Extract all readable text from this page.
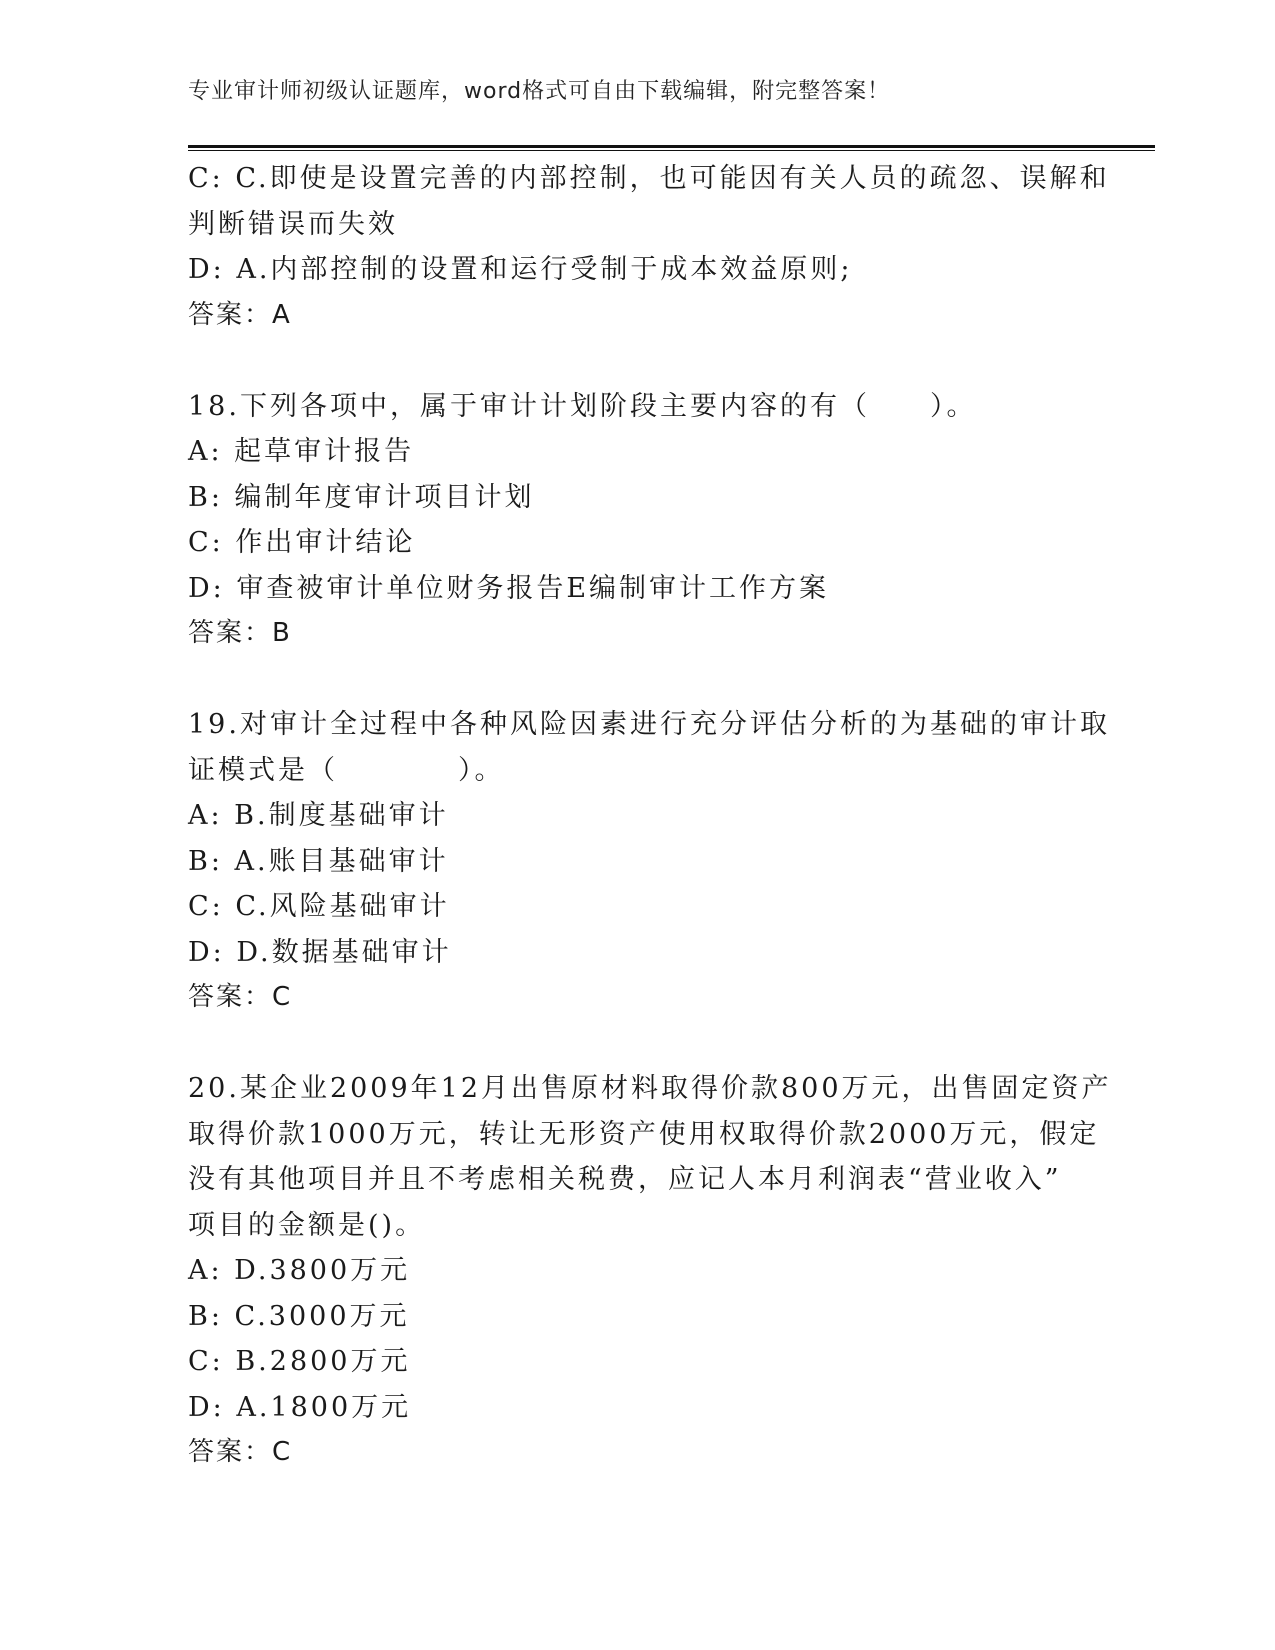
专业审计师初级认证题库，word格式可自由下载编辑，附完整答案！
C: C.即使是设置完善的内部控制，也可能因有关人员的疏忽、误解和
判断错误而失效
D: A.内部控制的设置和运行受制于成本效益原则;
答案：A
18.下列各项中，属于审计计划阶段主要内容的有（　　）。
A: 起草审计报告
B: 编制年度审计项目计划
C: 作出审计结论
D: 审查被审计单位财务报告E编制审计工作方案
答案：B
19.对审计全过程中各种风险因素进行充分评估分析的为基础的审计取
证模式是（　　　　）。
A: B.制度基础审计
B: A.账目基础审计
C: C.风险基础审计
D: D.数据基础审计
答案：C
20.某企业2009年12月出售原材料取得价款800万元，出售固定资产
取得价款1000万元，转让无形资产使用权取得价款2000万元，假定
没有其他项目并且不考虑相关税费，应记人本月利润表“营业收入”
项目的金额是()。
A: D.3800万元
B: C.3000万元
C: B.2800万元
D: A.1800万元
答案：C
